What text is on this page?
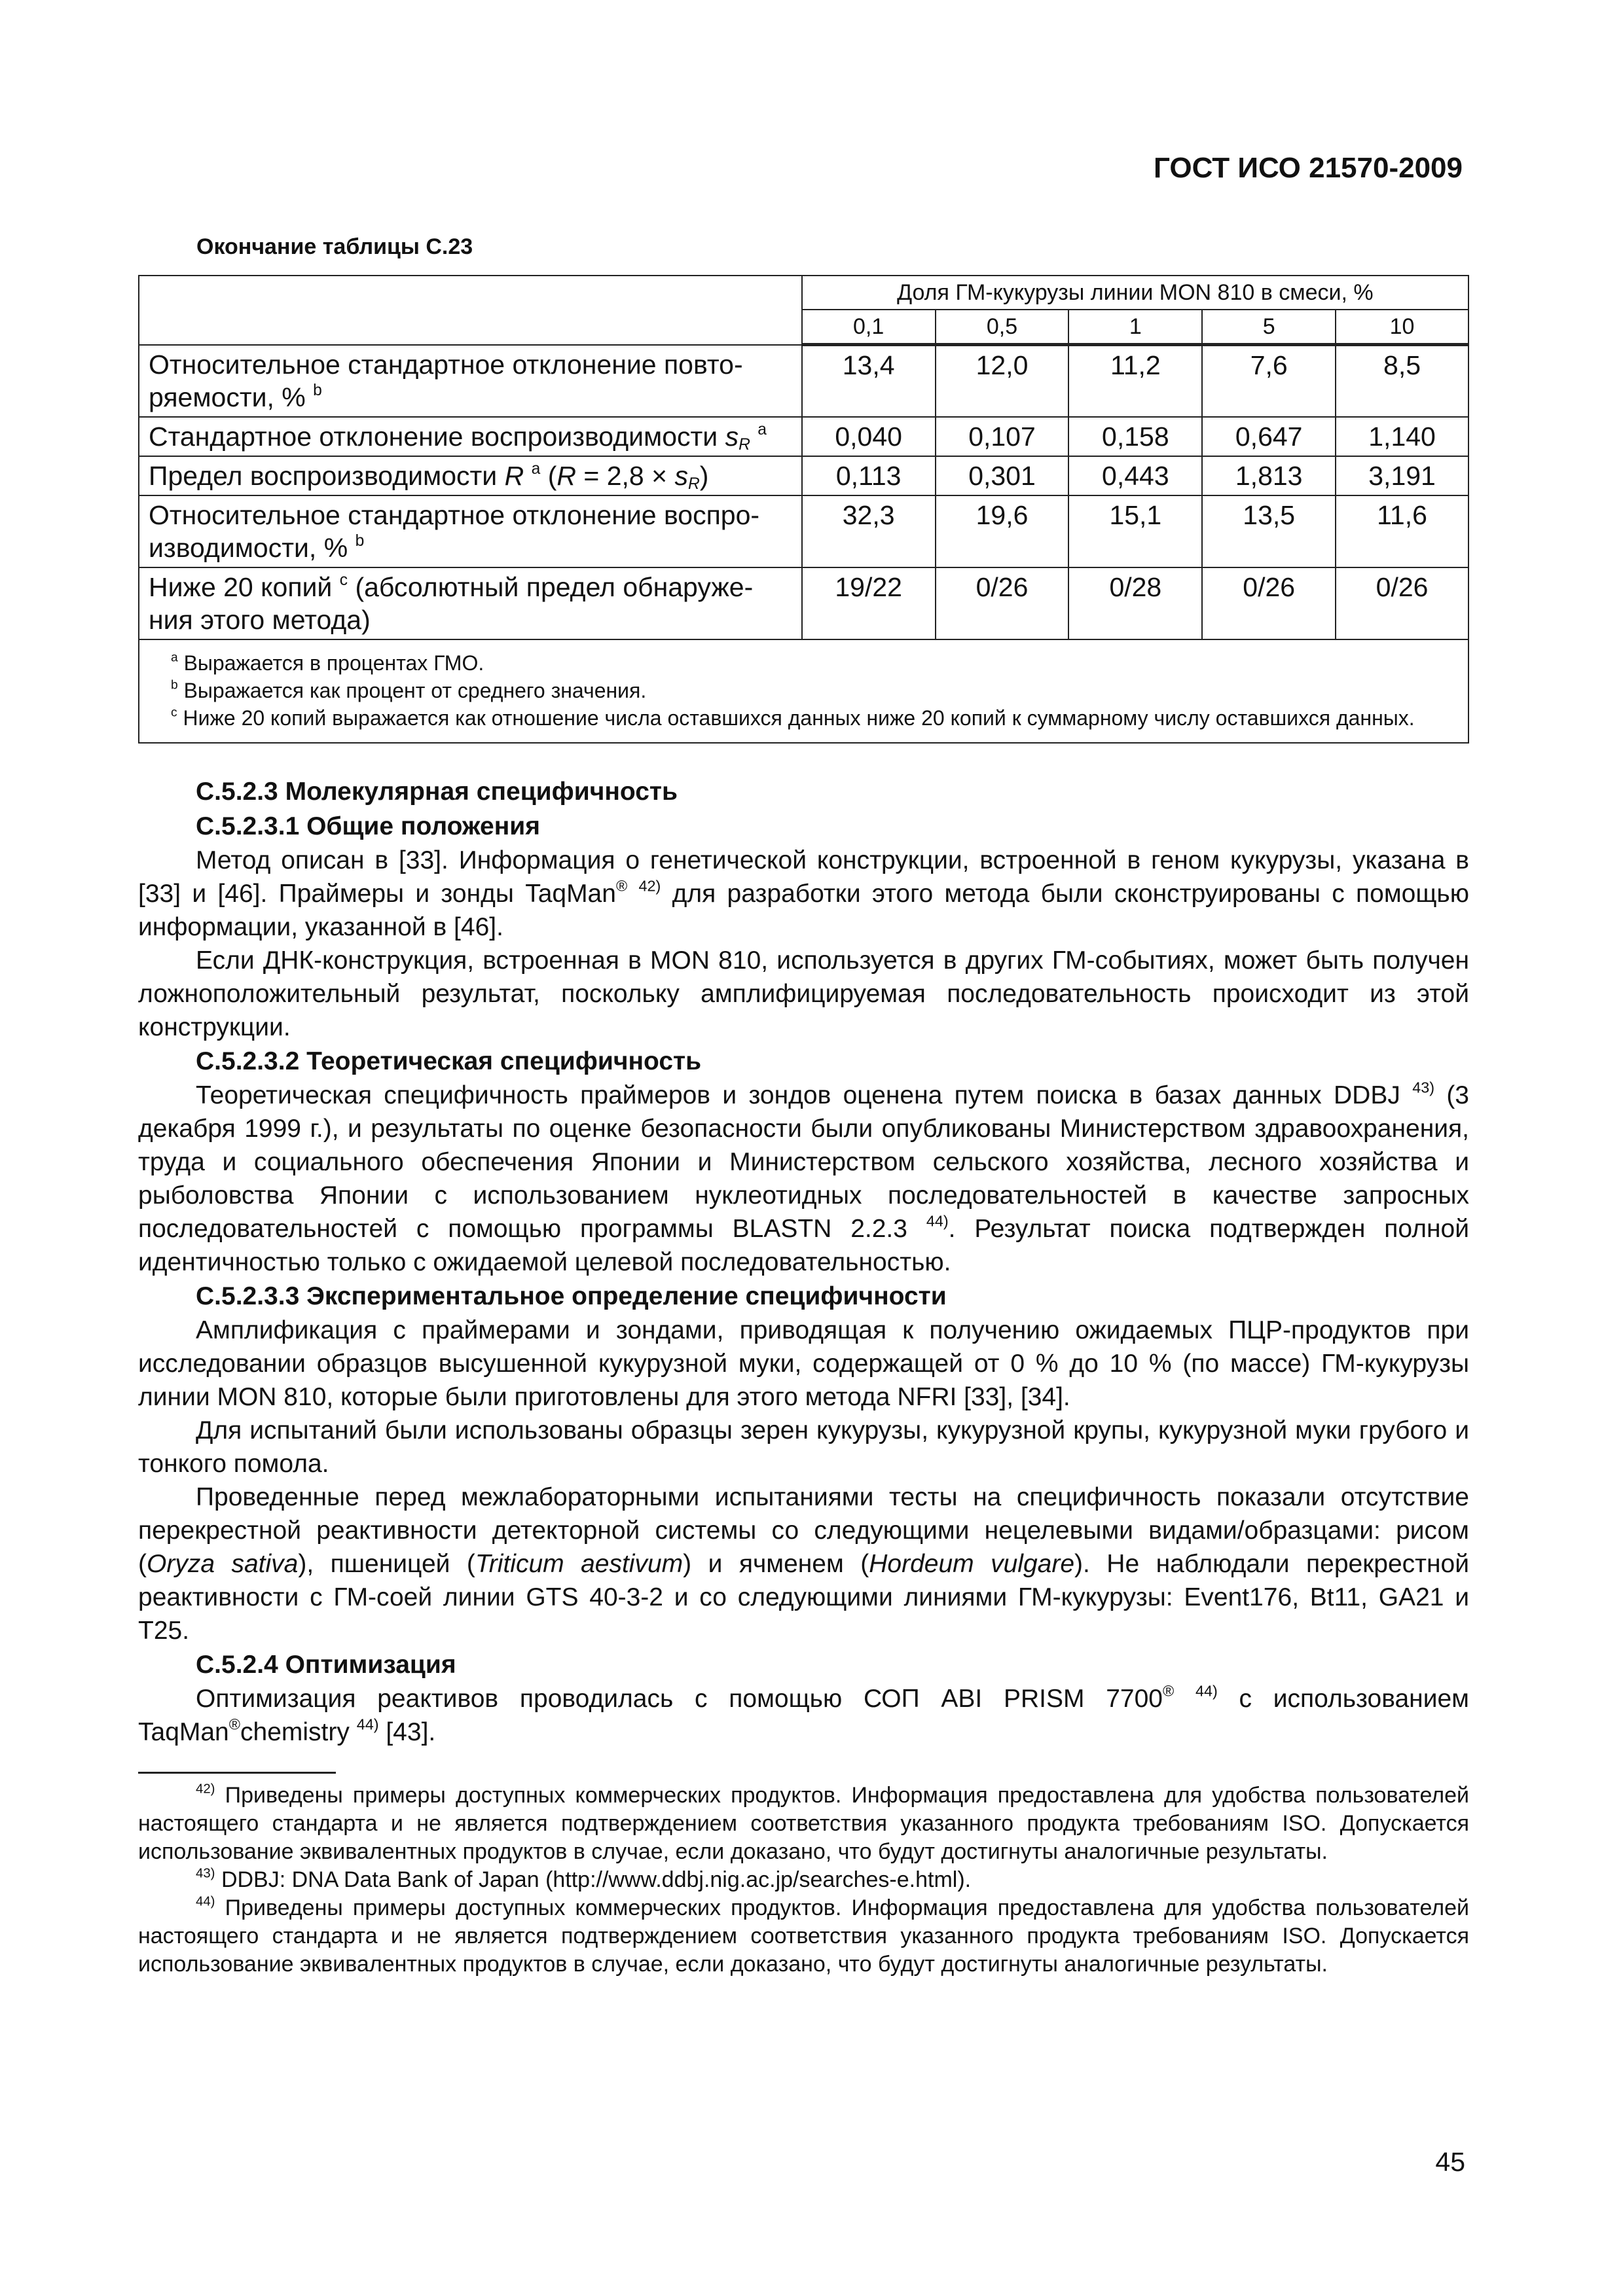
ГОСТ ИСО 21570-2009
Окончание таблицы С.23
	Доля ГМ-кукурузы линии MON 810 в смеси, %				
	0,1	0,5	1	5	10
Относительное стандартное отклонение повто-ряемости, % $^b$	13,4	12,0	11,2	7,6	8,5
Стандартное отклонение воспроизводимости $s_R$ $^a$	0,040	0,107	0,158	0,647	1,140
Предел воспроизводимости R $^a$ $(R = 2,8 \times s_R)$	0,113	0,301	0,443	1,813	3,191
Относительное стандартное отклонение воспро-изводимости, % $^b$	32,3	19,6	15,1	13,5	11,6
Ниже 20 копий $^c$ (абсолютный предел обнаруже-ния этого метода)	19/22	0/26	0/28	0/26	0/26

$^a$ Выражается в процентах ГМО.
$^b$ Выражается как процент от среднего значения.
$^c$ Ниже 20 копий выражается как отношение числа оставшихся данных ниже 20 копий к суммарному числу оставшихся данных.					
С.5.2.3 Молекулярная специфичность
С.5.2.3.1 Общие положения

Метод описан в [33]. Информация о генетической конструкции, встроенной в геном кукурузы, указана в [33] и [46]. Праймеры и зонды TaqMan® $^{42)}$ для разработки этого метода были сконструированы с помощью информации, указанной в [46].

Если ДНК-конструкция, встроенная в MON 810, используется в других ГМ-событиях, может быть получен ложноположительный результат, поскольку амплифицируемая последовательность происходит из этой конструкции.

С.5.2.3.2 Теоретическая специфичность

Теоретическая специфичность праймеров и зондов оценена путем поиска в базах данных DDBJ $^{43)}$ (3 декабря 1999 г.), и результаты по оценке безопасности были опубликованы Министерством здравоохранения, труда и социального обеспечения Японии и Министерством сельского хозяйства, лесного хозяйства и рыболовства Японии с использованием нуклеотидных последовательностей в качестве запросных последовательностей с помощью программы BLASTN 2.2.3 $^{44)}$. Результат поиска подтвержден полной идентичностью только с ожидаемой целевой последовательностью.

С.5.2.3.3 Экспериментальное определение специфичности

Амплификация с праймерами и зондами, приводящая к получению ожидаемых ПЦР-продуктов при исследовании образцов высушенной кукурузной муки, содержащей от 0 % до 10 % (по массе) ГМ-кукурузы линии MON 810, которые были приготовлены для этого метода NFRI [33], [34].

Для испытаний были использованы образцы зерен кукурузы, кукурузной крупы, кукурузной муки грубого и тонкого помола.

Проведенные перед межлабораторными испытаниями тесты на специфичность показали отсутствие перекрестной реактивности детекторной системы со следующими нецелевыми видами/образцами: рисом (Oryza sativa), пшеницей (Triticum aestivum) и ячменем (Hordeum vulgare). Не наблюдали перекрестной реактивности с ГМ-соей линии GTS 40-3-2 и со следующими линиями ГМ-кукурузы: Event176, Bt11, GA21 и T25.

С.5.2.4 Оптимизация

Оптимизация реактивов проводилась с помощью СОП ABI PRISM 7700® $^{44)}$ с использованием TaqMan®chemistry $^{44)}$ [43].

$^{42)}$ Приведены примеры доступных коммерческих продуктов. Информация предоставлена для удобства пользователей настоящего стандарта и не является подтверждением соответствия указанного продукта требованиям ISO. Допускается использование эквивалентных продуктов в случае, если доказано, что будут достигнуты аналогичные результаты.

$^{43)}$ DDBJ: DNA Data Bank of Japan (http://www.ddbj.nig.ac.jp/searches-e.html).

$^{44)}$ Приведены примеры доступных коммерческих продуктов. Информация предоставлена для удобства пользователей настоящего стандарта и не является подтверждением соответствия указанного продукта требованиям ISO. Допускается использование эквивалентных продуктов в случае, если доказано, что будут достигнуты аналогичные результаты.

45
